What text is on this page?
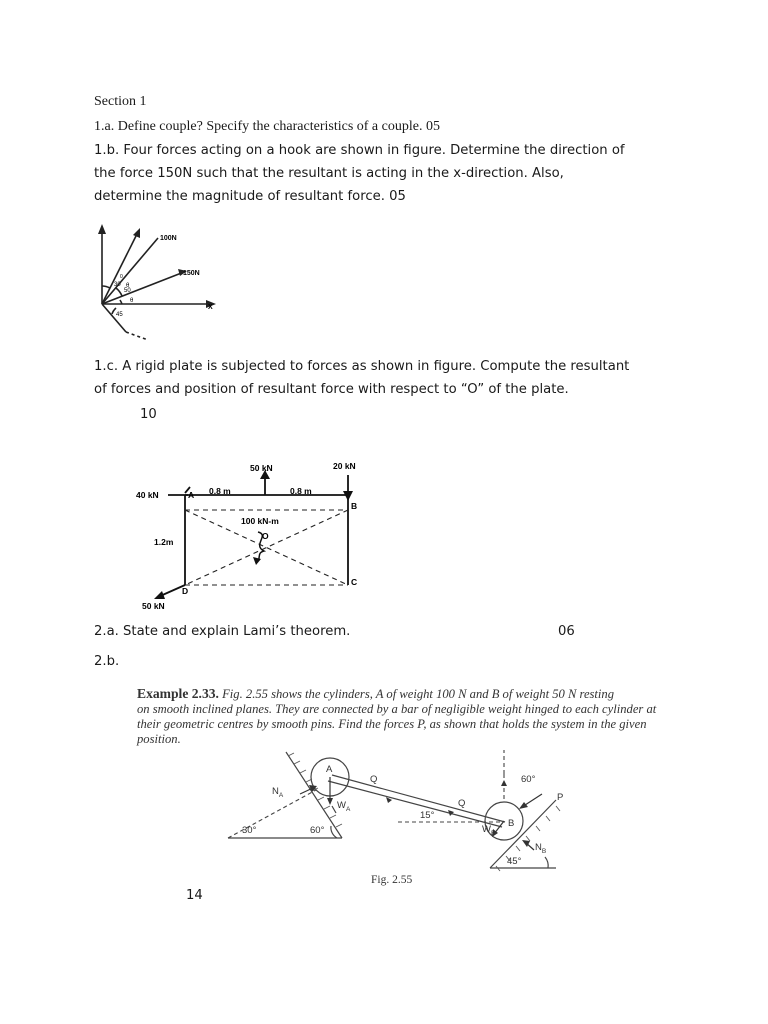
Section 1
1.a. Define couple? Specify the characteristics of a couple. 05
1.b. Four forces acting on a hook are shown in figure. Determine the direction of
the force 150N such that the resultant is acting in the x-direction. Also,
determine the magnitude of resultant force. 05
100N
150N
X
30
0
50
θ
θ
45
1.c. A rigid plate is subjected to forces as shown in figure. Compute the resultant
of forces and position of resultant force with respect to “O” of the plate.
10
50 kN	20 kN
40 kN	A 0.8 m	0.8 m
B
100 kN-m
O
1.2m
C
D
50 kN
2.a. State and explain Lami’s theorem.	06
2.b.
Example 2.33. Fig. 2.55 shows the cylinders, A of weight 100 N and B of weight 50 N resting
on smooth inclined planes. They are connected by a bar of negligible weight hinged to each cylinder at
their geometric centres by smooth pins. Find the forces P, as shown that holds the system in the given
position.
A
B
$N_A$
$W_A$
$W_B$
$N_B$
Q
Q
P
30°	60°
15°
60°
45°
Fig. 2.55
14
